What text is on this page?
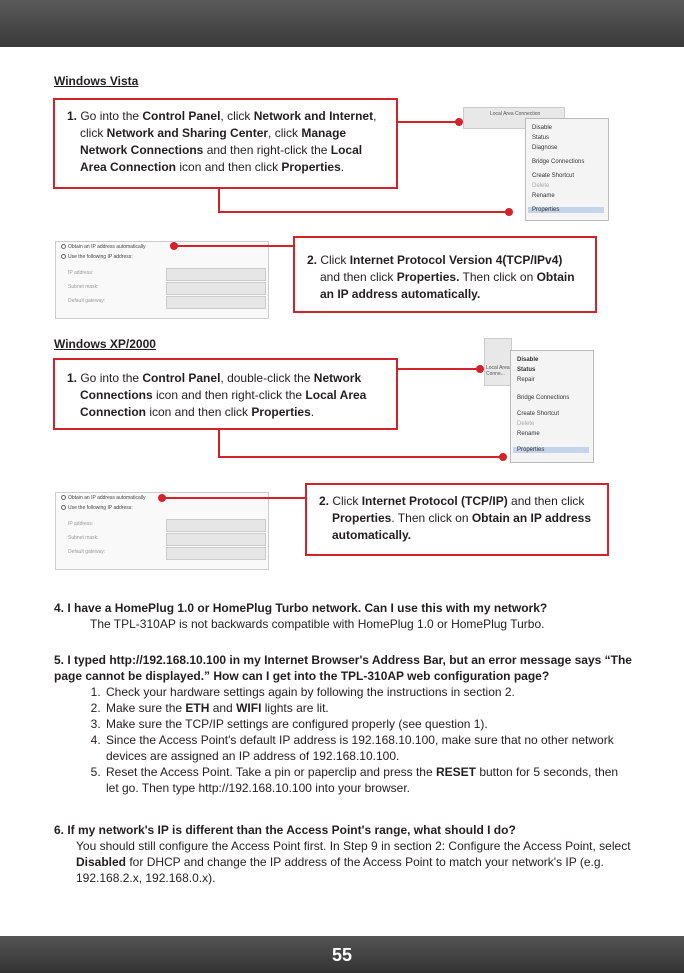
Windows Vista
1. Go into the Control Panel, click Network and Internet, click Network and Sharing Center, click Manage Network Connections and then right-click the Local Area Connection icon and then click Properties.
Local Area Connection
Disable
Status
Diagnose
Bridge Connections
Create Shortcut
Delete
Rename
Properties
Obtain an IP address automatically
Use the following IP address:
IP address:
Subnet mask:
Default gateway:
2. Click Internet Protocol Version 4(TCP/IPv4) and then click Properties. Then click on Obtain an IP address automatically.
Windows XP/2000
1. Go into the Control Panel, double-click the Network Connections icon and then right-click the Local Area Connection icon and then click Properties.
Local Area Conne...
Disable
Status
Repair
Bridge Connections
Create Shortcut
Delete
Rename
Properties
Obtain an IP address automatically
Use the following IP address:
IP address:
Subnet mask:
Default gateway:
2. Click Internet Protocol (TCP/IP) and then click Properties. Then click on Obtain an IP address automatically.
4. I have a HomePlug 1.0 or HomePlug Turbo network. Can I use this with my network?
The TPL-310AP is not backwards compatible with HomePlug 1.0 or HomePlug Turbo.
5. I typed http://192.168.10.100 in my Internet Browser's Address Bar, but an error message says “The page cannot be displayed.” How can I get into the TPL-310AP web configuration page?
1. Check your hardware settings again by following the instructions in section 2.
2. Make sure the ETH and WIFI lights are lit.
3. Make sure the TCP/IP settings are configured properly (see question 1).
4. Since the Access Point's default IP address is 192.168.10.100, make sure that no other network devices are assigned an IP address of 192.168.10.100.
5. Reset the Access Point. Take a pin or paperclip and press the RESET button for 5 seconds, then let go. Then type http://192.168.10.100 into your browser.
6. If my network's IP is different than the Access Point's range, what should I do?
You should still configure the Access Point first. In Step 9 in section 2: Configure the Access Point, select Disabled for DHCP and change the IP address of the Access Point to match your network's IP (e.g. 192.168.2.x, 192.168.0.x).
55
